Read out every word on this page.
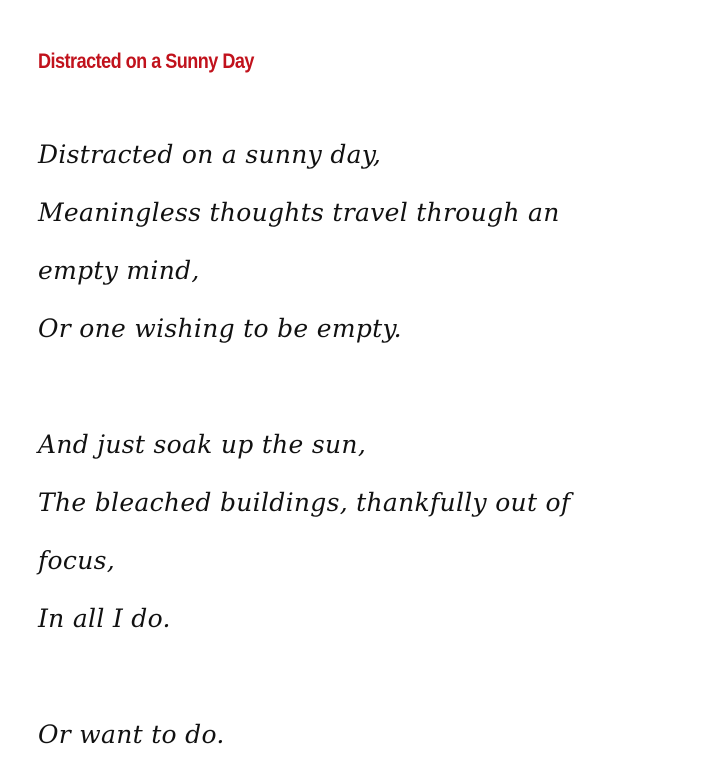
Distracted on a Sunny Day
Distracted on a sunny day,
Meaningless thoughts travel through an
empty mind,
Or one wishing to be empty.
And just soak up the sun,
The bleached buildings, thankfully out of
focus,
In all I do.
Or want to do.
